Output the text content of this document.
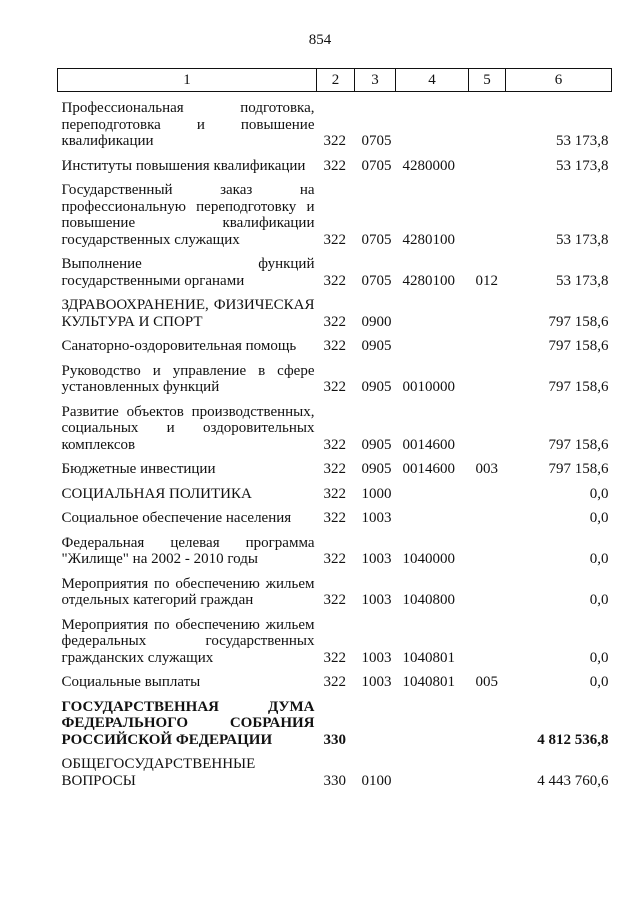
854
1	2	3	4	5	6
Профессиональная подготовка, переподготовка и повышение квалификации	322	0705			53 173,8
Институты повышения квалификации	322	0705	4280000		53 173,8
Государственный заказ на профессиональную переподготовку и повышение квалификации государственных служащих	322	0705	4280100		53 173,8
Выполнение функций государственными органами	322	0705	4280100	012	53 173,8
ЗДРАВООХРАНЕНИЕ, ФИЗИЧЕСКАЯ КУЛЬТУРА И СПОРТ	322	0900			797 158,6
Санаторно-оздоровительная помощь	322	0905			797 158,6
Руководство и управление в сфере установленных функций	322	0905	0010000		797 158,6
Развитие объектов производственных, социальных и оздоровительных комплексов	322	0905	0014600		797 158,6
Бюджетные инвестиции	322	0905	0014600	003	797 158,6
СОЦИАЛЬНАЯ ПОЛИТИКА	322	1000			0,0
Социальное обеспечение населения	322	1003			0,0
Федеральная целевая программа "Жилище" на 2002 - 2010 годы	322	1003	1040000		0,0
Мероприятия по обеспечению жильем отдельных категорий граждан	322	1003	1040800		0,0
Мероприятия по обеспечению жильем федеральных государственных гражданских служащих	322	1003	1040801		0,0
Социальные выплаты	322	1003	1040801	005	0,0
ГОСУДАРСТВЕННАЯ ДУМА ФЕДЕРАЛЬНОГО СОБРАНИЯ РОССИЙСКОЙ ФЕДЕРАЦИИ	330				4 812 536,8
ОБЩЕГОСУДАРСТВЕННЫЕ ВОПРОСЫ	330	0100			4 443 760,6
